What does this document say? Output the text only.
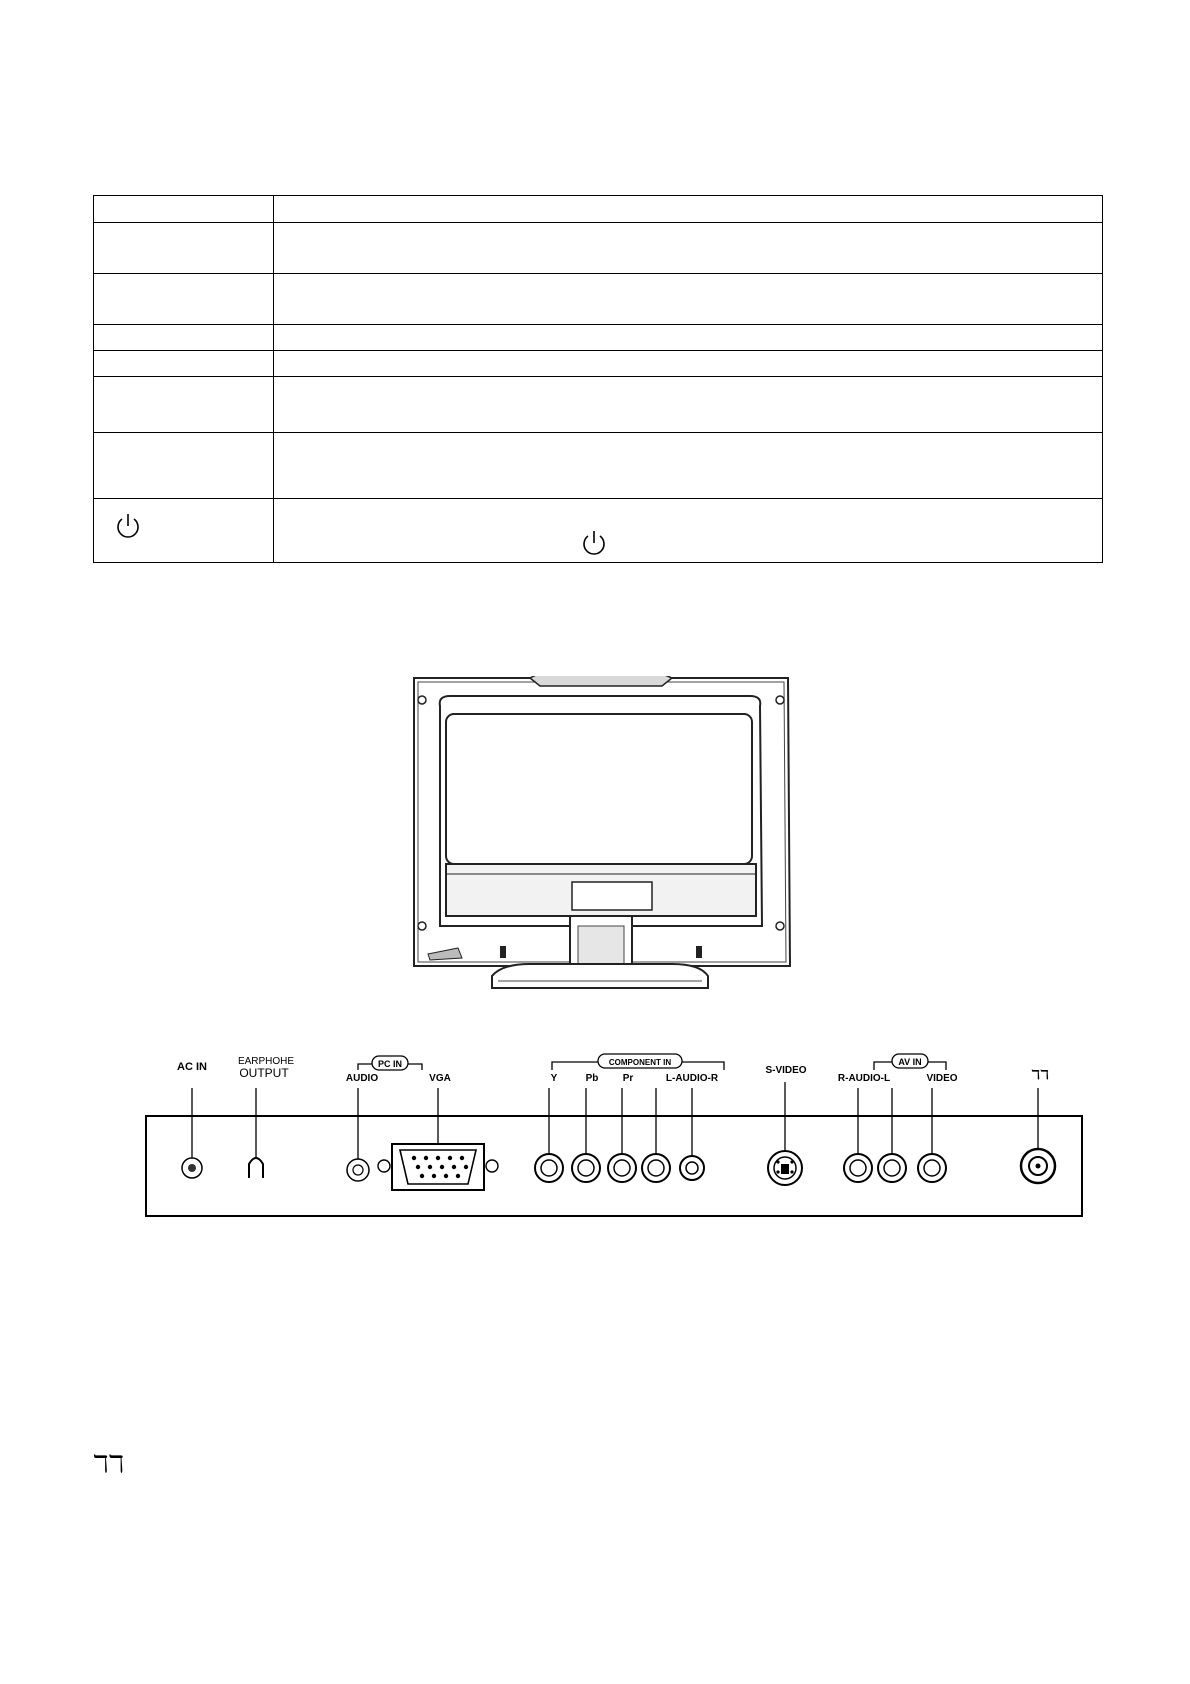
AC IN	EARPHOHE
OUTPUT
PC IN
AUDIO	VGA
COMPONENT IN
Y	Pb Pr	L-AUDIO-R
S-VIDEO
AV IN
R-AUDIO-L	VIDEO	ℸℸ
ℸℸ
